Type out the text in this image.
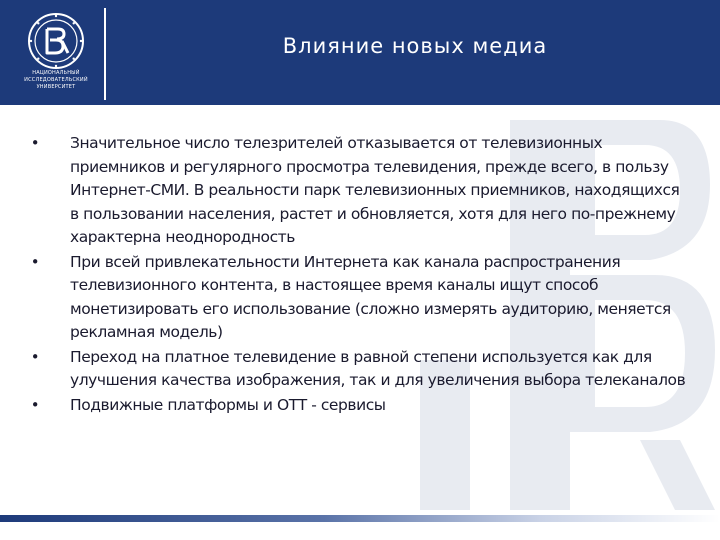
НАЦИОНАЛЬНЫЙ ИССЛЕДОВАТЕЛЬСКИЙ УНИВЕРСИТЕТ
Влияние новых медиа
• Значительное число телезрителей отказывается от телевизионных приемников и регулярного просмотра телевидения, прежде всего, в пользу Интернет-СМИ. В реальности парк телевизионных приемников, находящихся в пользовании населения, растет и обновляется, хотя для него по-прежнему характерна неоднородность
• При всей привлекательности Интернета как канала распространения телевизионного контента, в настоящее время каналы ищут способ монетизировать его использование (сложно измерять аудиторию, меняется рекламная модель)
• Переход на платное телевидение в равной степени используется как для улучшения качества изображения, так и для увеличения выбора телеканалов
• Подвижные платформы и ОТТ - сервисы
